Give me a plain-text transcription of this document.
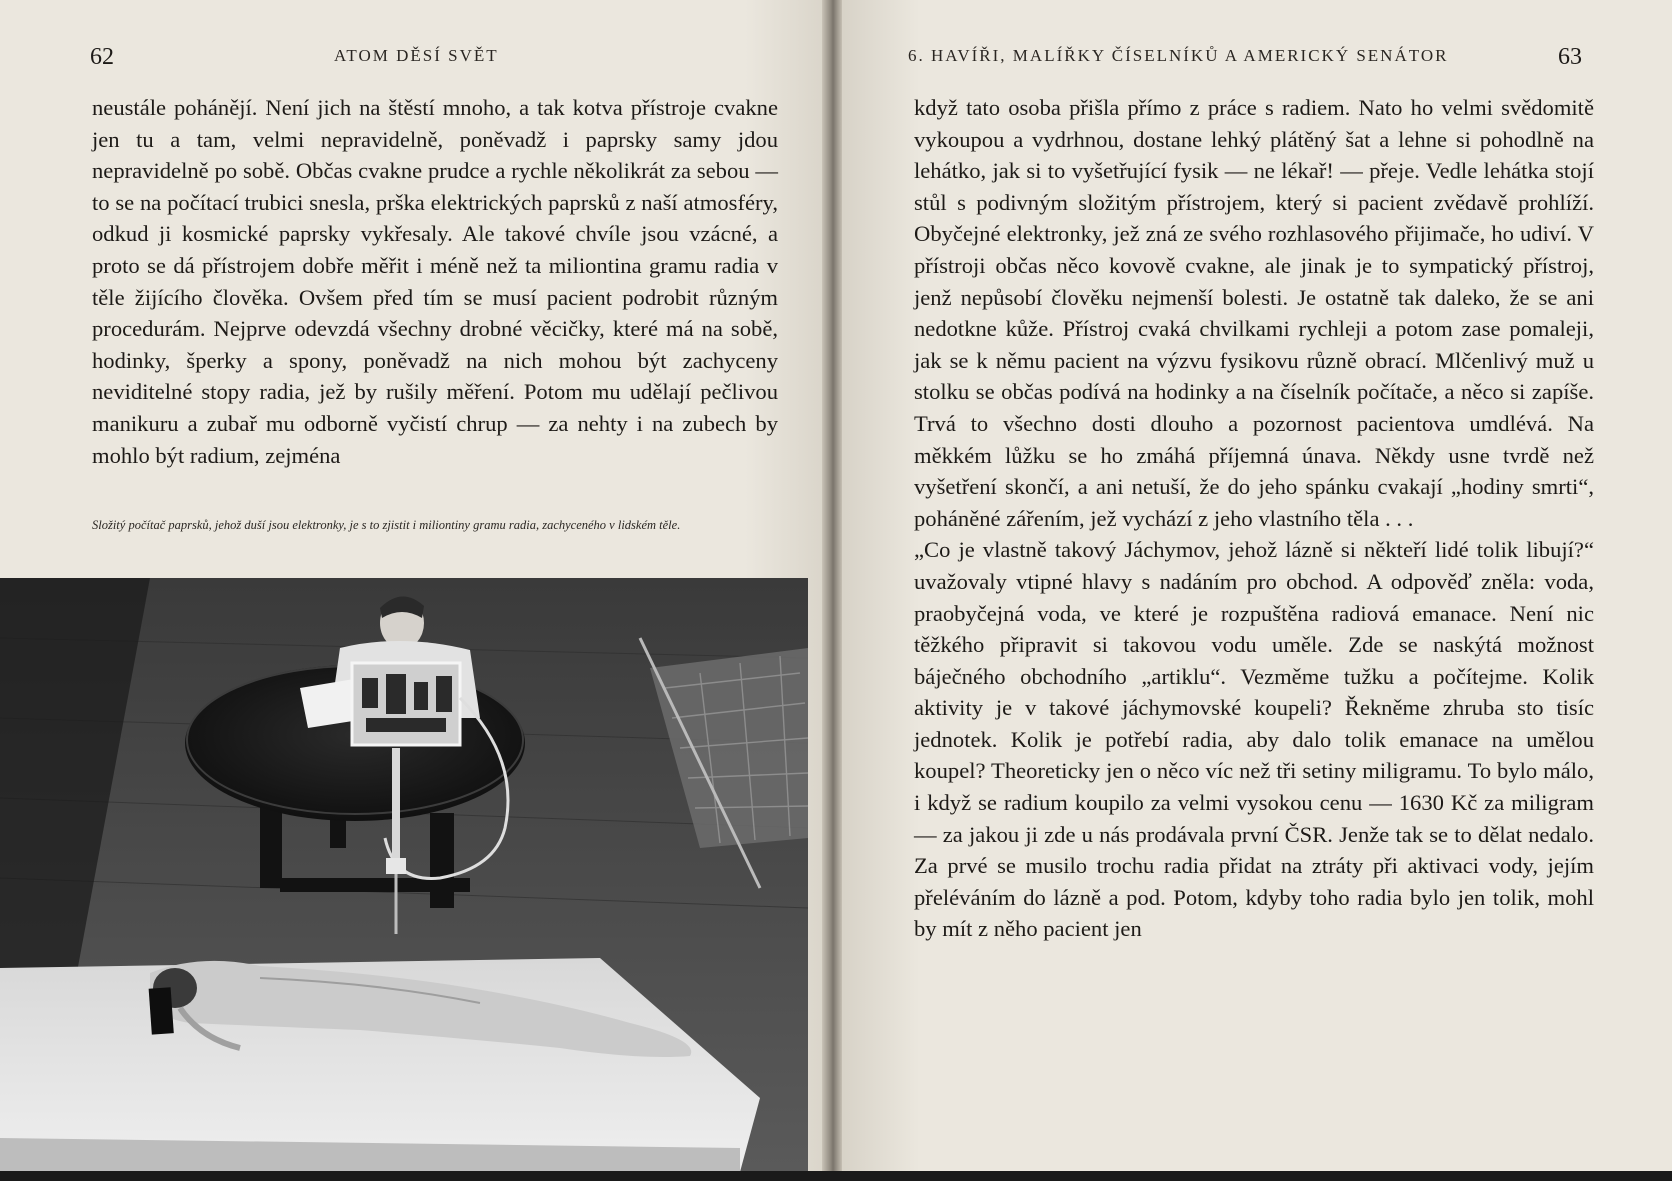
62	ATOM DĚSÍ SVĚT

neustále pohánějí. Není jich na štěstí mnoho, a tak kotva přístroje cvakne jen tu a tam, velmi nepravidelně, poněvadž i paprsky samy jdou nepravidelně po sobě. Občas cvakne prudce a rychle několikrát za sebou — to se na počítací trubici snesla, prška elektrických paprsků z naší atmosféry, odkud ji kosmické paprsky vykřesaly. Ale takové chvíle jsou vzácné, a proto se dá přístrojem dobře měřit i méně než ta miliontina gramu radia v těle žijícího člověka. Ovšem před tím se musí pacient podrobit různým procedurám. Nejprve odevzdá všechny drobné věcičky, které má na sobě, hodinky, šperky a spony, poněvadž na nich mohou být zachyceny neviditelné stopy radia, jež by rušily měření. Potom mu udělají pečlivou manikuru a zubař mu odborně vyčistí chrup — za nehty i na zubech by mohlo být radium, zejména

Složitý počítač paprsků, jehož duší jsou elektronky, je s to zjistit i miliontiny gramu radia, zachyceného v lidském těle.
6. HAVÍŘI, MALÍŘKY ČÍSELNÍKŮ A AMERICKÝ SENÁTOR	63

když tato osoba přišla přímo z práce s radiem. Nato ho velmi svědomitě vykoupou a vydrhnou, dostane lehký plátěný šat a lehne si pohodlně na lehátko, jak si to vyšetřující fysik — ne lékař! — přeje. Vedle lehátka stojí stůl s podivným složitým přístrojem, který si pacient zvědavě prohlíží. Obyčejné elektronky, jež zná ze svého rozhlasového přijimače, ho udiví. V přístroji občas něco kovově cvakne, ale jinak je to sympatický přístroj, jenž nepůsobí člověku nejmenší bolesti. Je ostatně tak daleko, že se ani nedotkne kůže. Přístroj cvaká chvilkami rychleji a potom zase pomaleji, jak se k němu pacient na výzvu fysikovu různě obrací. Mlčenlivý muž u stolku se občas podívá na hodinky a na číselník počítače, a něco si zapíše. Trvá to všechno dosti dlouho a pozornost pacientova umdlévá. Na měkkém lůžku se ho zmáhá příjemná únava. Někdy usne tvrdě než vyšetření skončí, a ani netuší, že do jeho spánku cvakají „hodiny smrti“, poháněné zářením, jež vychází z jeho vlastního těla . . .

„Co je vlastně takový Jáchymov, jehož lázně si někteří lidé tolik libují?“ uvažovaly vtipné hlavy s nadáním pro obchod. A odpověď zněla: voda, praobyčejná voda, ve které je rozpuštěna radiová emanace. Není nic těžkého připravit si takovou vodu uměle. Zde se naskýtá možnost báječného obchodního „artiklu“. Vezměme tužku a počítejme. Kolik aktivity je v takové jáchymovské koupeli? Řekněme zhruba sto tisíc jednotek. Kolik je potřebí radia, aby dalo tolik emanace na umělou koupel? Theoreticky jen o něco víc než tři setiny miligramu. To bylo málo, i když se radium koupilo za velmi vysokou cenu — 1630 Kč za miligram — za jakou ji zde u nás prodávala první ČSR. Jenže tak se to dělat nedalo. Za prvé se musilo trochu radia přidat na ztráty při aktivaci vody, jejím přeléváním do lázně a pod. Potom, kdyby toho radia bylo jen tolik, mohl by mít z něho pacient jen
